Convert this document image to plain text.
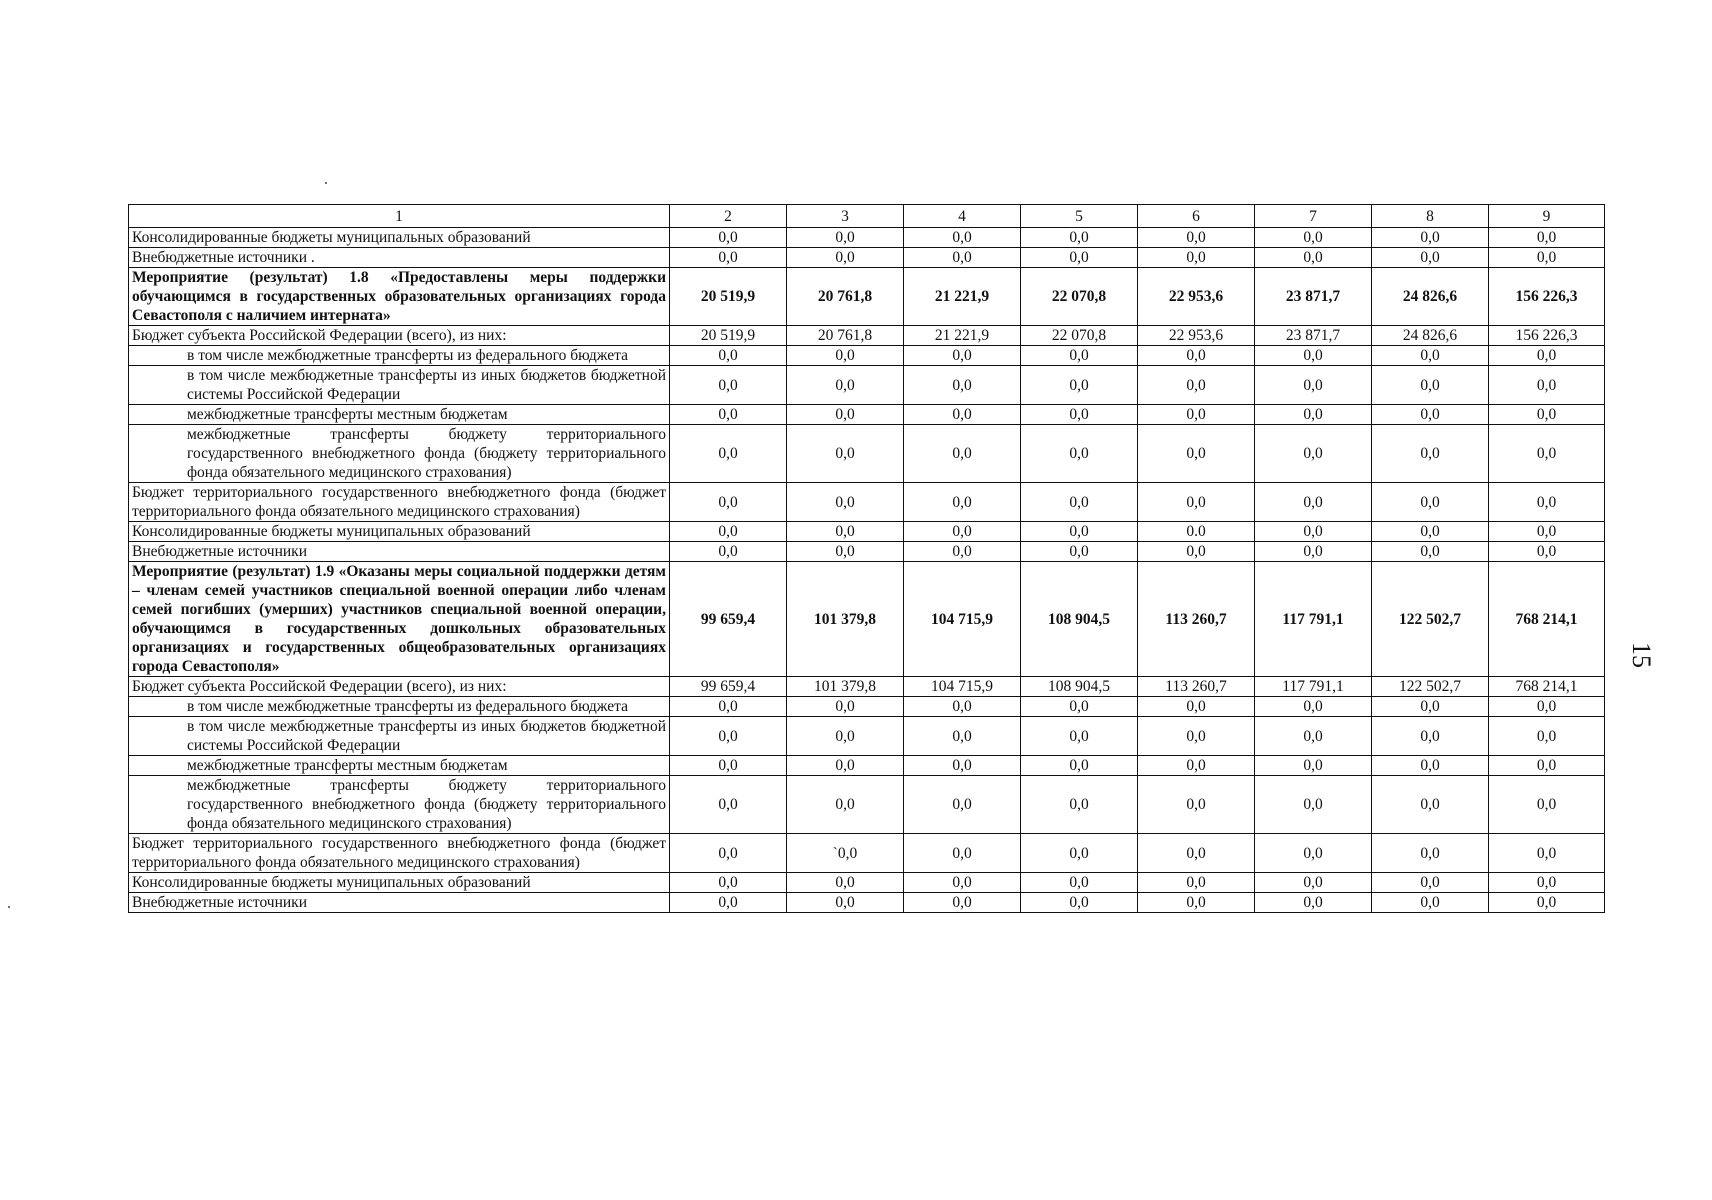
1	2	3	4	5	6	7	8	9
Консолидированные бюджеты муниципальных образований	0,0	0,0	0,0	0,0	0,0	0,0	0,0	0,0
Внебюджетные источники .	0,0	0,0	0,0	0,0	0,0	0,0	0,0	0,0
Мероприятие (результат) 1.8 «Предоставлены меры поддержки обучающимся в государственных образовательных организациях города Севастополя с наличием интерната»	20 519,9	20 761,8	21 221,9	22 070,8	22 953,6	23 871,7	24 826,6	156 226,3
Бюджет субъекта Российской Федерации (всего), из них:	20 519,9	20 761,8	21 221,9	22 070,8	22 953,6	23 871,7	24 826,6	156 226,3
в том числе межбюджетные трансферты из федерального бюджета	0,0	0,0	0,0	0,0	0,0	0,0	0,0	0,0
в том числе межбюджетные трансферты из иных бюджетов бюджетной системы Российской Федерации	0,0	0,0	0,0	0,0	0,0	0,0	0,0	0,0
межбюджетные трансферты местным бюджетам	0,0	0,0	0,0	0,0	0,0	0,0	0,0	0,0
межбюджетные трансферты бюджету территориального государственного внебюджетного фонда (бюджету территориального фонда обязательного медицинского страхования)	0,0	0,0	0,0	0,0	0,0	0,0	0,0	0,0
Бюджет территориального государственного внебюджетного фонда (бюджет территориального фонда обязательного медицинского страхования)	0,0	0,0	0,0	0,0	0,0	0,0	0,0	0,0
Консолидированные бюджеты муниципальных образований	0,0	0,0	0,0	0,0	0.0	0,0	0,0	0,0
Внебюджетные источники	0,0	0,0	0,0	0,0	0,0	0,0	0,0	0,0
Мероприятие (результат) 1.9 «Оказаны меры социальной поддержки детям – членам семей участников специальной военной операции либо членам семей погибших (умерших) участников специальной военной операции, обучающимся в государственных дошкольных образовательных организациях и государственных общеобразовательных организациях города Севастополя»	99 659,4	101 379,8	104 715,9	108 904,5	113 260,7	117 791,1	122 502,7	768 214,1
Бюджет субъекта Российской Федерации (всего), из них:	99 659,4	101 379,8	104 715,9	108 904,5	113 260,7	117 791,1	122 502,7	768 214,1
в том числе межбюджетные трансферты из федерального бюджета	0,0	0,0	0,0	0,0	0,0	0,0	0,0	0,0
в том числе межбюджетные трансферты из иных бюджетов бюджетной системы Российской Федерации	0,0	0,0	0,0	0,0	0,0	0,0	0,0	0,0
межбюджетные трансферты местным бюджетам	0,0	0,0	0,0	0,0	0,0	0,0	0,0	0,0
межбюджетные трансферты бюджету территориального государственного внебюджетного фонда (бюджету территориального фонда обязательного медицинского страхования)	0,0	0,0	0,0	0,0	0,0	0,0	0,0	0,0
Бюджет территориального государственного внебюджетного фонда (бюджет территориального фонда обязательного медицинского страхования)	0,0	`0,0	0,0	0,0	0,0	0,0	0,0	0,0
Консолидированные бюджеты муниципальных образований	0,0	0,0	0,0	0,0	0,0	0,0	0,0	0,0
Внебюджетные источники	0,0	0,0	0,0	0,0	0,0	0,0	0,0	0,0
15
